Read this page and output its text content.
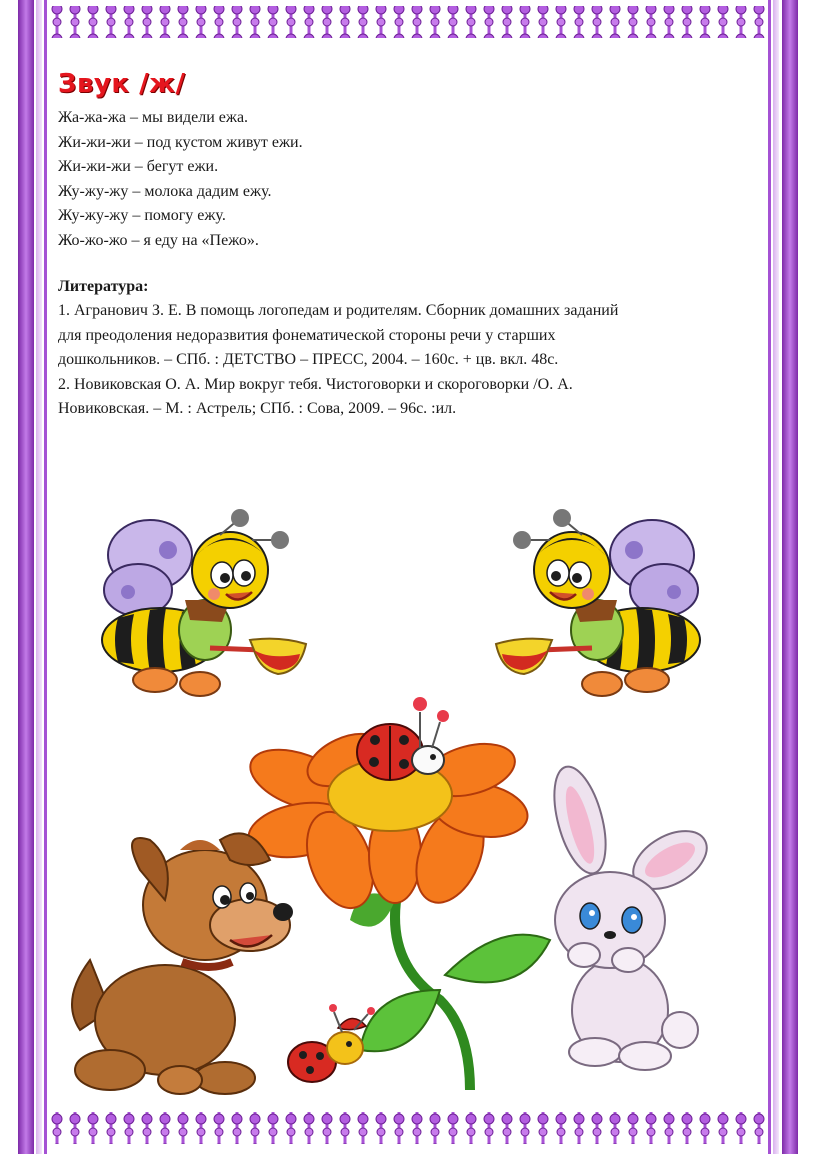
Звук /ж/
Жа-жа-жа – мы видели ежа.
Жи-жи-жи – под кустом живут ежи.
Жи-жи-жи – бегут ежи.
Жу-жу-жу – молока дадим ежу.
Жу-жу-жу – помогу ежу.
Жо-жо-жо – я еду на «Пежо».
Литература:
1. Агранович З. Е. В помощь логопедам и родителям. Сборник домашних заданий
для преодоления недоразвития фонематической стороны речи у старших
дошкольников. – СПб. : ДЕТСТВО – ПРЕСС, 2004. – 160с. + цв. вкл. 48с.
2. Новиковская О. А. Мир вокруг тебя. Чистоговорки и скороговорки /О. А.
Новиковская. – М. : Астрель; СПб. : Сова, 2009. – 96с. :ил.
